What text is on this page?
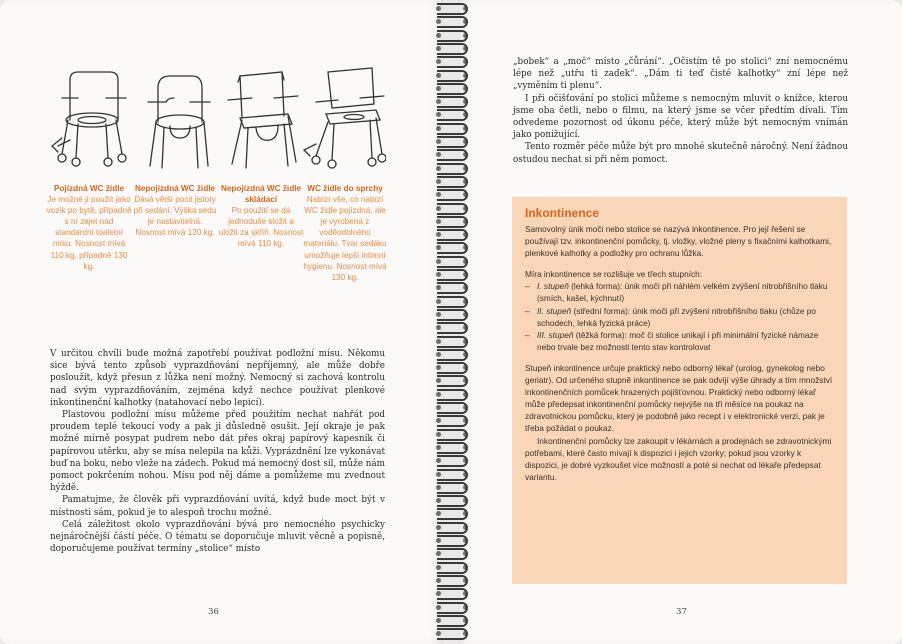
Pojízdná WC židle
Je možné ji použít jako vozík po bytě, případně s ní zajet nad standardní toaletní mísu. Nosnost mívá 110 kg, případně 130 kg.
Nepojízdná WC židle
Dává větší pocit jistoty při sedání. Výška sedu je nastavitelná. Nosnost mívá 120 kg.
Nepojízdná WC židle skládací
Po použití se dá jednoduše složit a uložit za skříň. Nosnost mívá 110 kg.
WC židle do sprchy
Nabízí vše, co nabízí WC židle pojízdná, ale je vyrobena z voděodolného materiálu. Tvar sedáku umožňuje lepší intimní hygienu. Nosnost mívá 130 kg.

V určitou chvíli bude možná zapotřebí používat podložní mísu. Někomu sice bývá tento způsob vyprazdňování nepříjemný, ale může dobře posloužit, když přesun z lůžka není možný. Nemocný si zachová kontrolu nad svým vyprazdňováním, zejména když nechce používat plenkové inkontinenční kalhotky (natahovací nebo lepicí).

Plastovou podložní mísu můžeme před použitím nechat nahřát pod proudem teplé tekoucí vody a pak ji důsledně osušit. Její okraje je pak možné mírně posypat pudrem nebo dát přes okraj papírový kapesník či papírovou utěrku, aby se mísa nelepila na kůži. Vyprázdnění lze vykonávat buď na boku, nebo vleže na zádech. Pokud má nemocný dost sil, může nám pomoct pokrčením nohou. Mísu pod něj dáme a pomůžeme mu zvednout hýždě.

Pamatujme, že člověk při vyprazdňování uvítá, když bude moct být v místnosti sám, pokud je to alespoň trochu možné.

Celá záležitost okolo vyprazdňování bývá pro nemocného psychicky nejnáročnější částí péče. O tématu se doporučuje mluvit věcně a popisně, doporučujeme používat termíny „stolice“ místo

36

„bobek“ a „moč“ místo „čůrání“. „Očistím tě po stolici“ zní nemocnému lépe než „utřu ti zadek“. „Dám ti teď čisté kalhotky“ zní lépe než „vyměním ti plenu“.

I při očišťování po stolici můžeme s nemocným mluvit o knížce, kterou jsme oba četli, nebo o filmu, na který jsme se včer předtím dívali. Tím odvedeme pozornost od úkonu péče, který může být nemocným vnímán jako ponižující.

Tento rozměr péče může být pro mnohé skutečně náročný. Není žádnou ostudou nechat si při něm pomoct.

Inkontinence

Samovolný únik moči nebo stolice se nazývá inkontinence. Pro její řešení se používají tzv. inkontinenční pomůcky, tj. vložky, vložné pleny s fixačními kalhotkami, plenkové kalhotky a podložky pro ochranu lůžka.

Míra inkontinence se rozlišuje ve třech stupních:

– I. stupeň (lehká forma): únik moči při náhlém velkém zvýšení nitrobřišního tlaku (smích, kašel, kýchnutí)
– II. stupeň (střední forma): únik moči při zvýšení nitrobřišního tlaku (chůze po schodech, lehká fyzická práce)
– III. stupeň (těžká forma): moč či stolice unikají i při minimální fyzické námaze nebo trvale bez možnosti tento stav kontrolovat

Stupeň inkontinence určuje praktický nebo odborný lékař (urolog, gynekolog nebo geriatr). Od určeného stupně inkontinence se pak odvíjí výše úhrady a tím množství inkontinenčních pomůcek hrazených pojišťovnou. Praktický nebo odborný lékař může předepsat inkontinenční pomůcky nejvýše na tři měsíce na poukaz na zdravotnickou pomůcku, který je podobně jako recept i v elektronické verzi, pak je třeba požádat o poukaz.

Inkontinenční pomůcky lze zakoupit v lékárnách a prodejnách se zdravotnickými potřebami, které často mívají k dispozici i jejich vzorky; pokud jsou vzorky k dispozici, je dobré vyzkoušet více možností a poté si nechat od lékaře předepsat variantu.

37
